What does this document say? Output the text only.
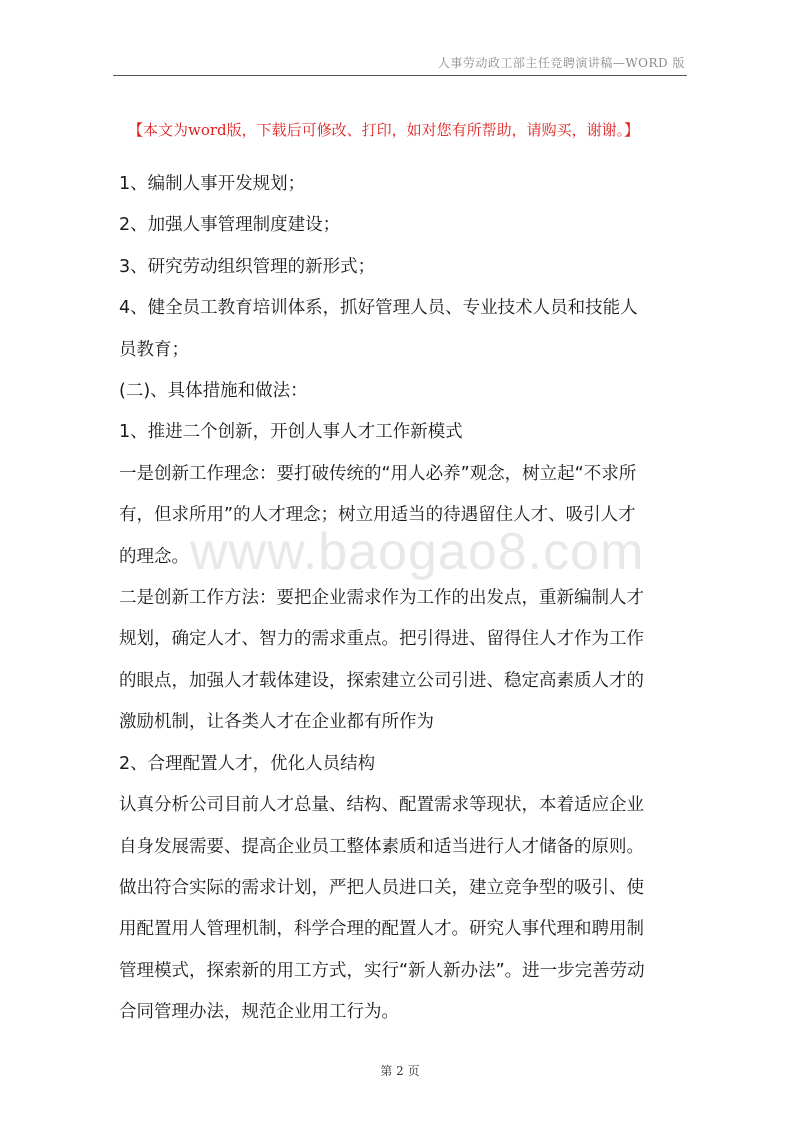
人事劳动政工部主任竞聘演讲稿—WORD 版
【本文为word版，下载后可修改、打印，如对您有所帮助，请购买，谢谢。】
www.baogao8.com

1、编制人事开发规划；

2、加强人事管理制度建设；

3、研究劳动组织管理的新形式；

4、健全员工教育培训体系，抓好管理人员、专业技术人员和技能人

员教育；

(二)、具体措施和做法：

1、推进二个创新，开创人事人才工作新模式

一是创新工作理念：要打破传统的“用人必养”观念，树立起“不求所

有，但求所用”的人才理念；树立用适当的待遇留住人才、吸引人才

的理念。

二是创新工作方法：要把企业需求作为工作的出发点，重新编制人才

规划，确定人才、智力的需求重点。把引得进、留得住人才作为工作

的眼点，加强人才载体建设，探索建立公司引进、稳定高素质人才的

激励机制，让各类人才在企业都有所作为

2、合理配置人才，优化人员结构

认真分析公司目前人才总量、结构、配置需求等现状，本着适应企业

自身发展需要、提高企业员工整体素质和适当进行人才储备的原则。

做出符合实际的需求计划，严把人员进口关，建立竞争型的吸引、使

用配置用人管理机制，科学合理的配置人才。研究人事代理和聘用制

管理模式，探索新的用工方式，实行“新人新办法”。进一步完善劳动

合同管理办法，规范企业用工行为。

第 2 页
